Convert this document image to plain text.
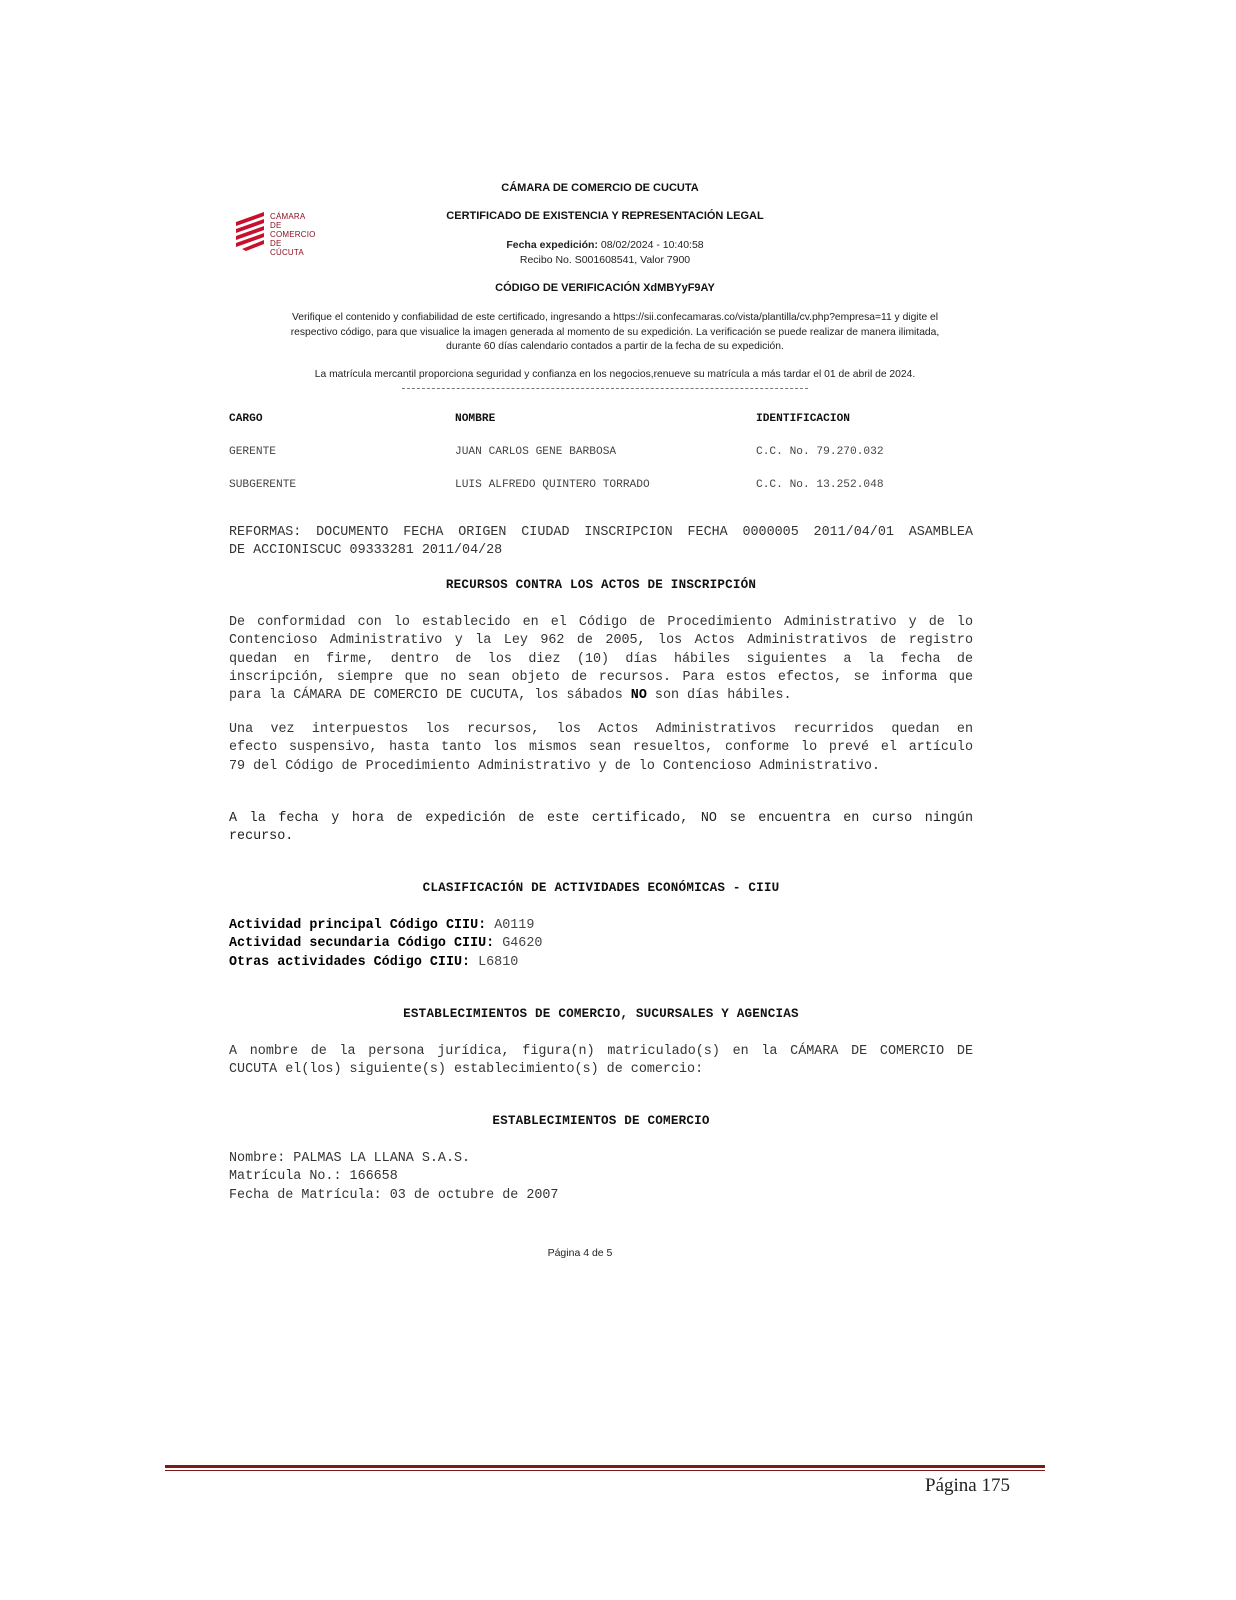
CÁMARA DE
COMERCIO
DE CÚCUTA
CÁMARA DE COMERCIO DE CUCUTA
CERTIFICADO DE EXISTENCIA Y REPRESENTACIÓN LEGAL
Fecha expedición: 08/02/2024 - 10:40:58
Recibo No. S001608541, Valor 7900
CÓDIGO DE VERIFICACIÓN XdMBYyF9AY
Verifique el contenido y confiabilidad de este certificado, ingresando a https://sii.confecamaras.co/vista/plantilla/cv.php?empresa=11 y digite el
respectivo código, para que visualice la imagen generada al momento de su expedición. La verificación se puede realizar de manera ilimitada,
durante 60 días calendario contados a partir de la fecha de su expedición.
La matrícula mercantil proporciona seguridad y confianza en los negocios,renueve su matrícula a más tardar el 01 de abril de 2024.
CARGO	NOMBRE	IDENTIFICACION
GERENTE	JUAN CARLOS GENE BARBOSA	C.C. No. 79.270.032
SUBGERENTE	LUIS ALFREDO QUINTERO TORRADO	C.C. No. 13.252.048
REFORMAS: DOCUMENTO FECHA ORIGEN CIUDAD INSCRIPCION FECHA 0000005 2011/04/01 ASAMBLEA
DE ACCIONISCUC 09333281 2011/04/28
RECURSOS CONTRA LOS ACTOS DE INSCRIPCIÓN
De conformidad con lo establecido en el Código de Procedimiento Administrativo y de lo
Contencioso Administrativo y la Ley 962 de 2005, los Actos Administrativos de registro
quedan en firme, dentro de los diez (10) días hábiles siguientes a la fecha de
inscripción, siempre que no sean objeto de recursos. Para estos efectos, se informa que
para la CÁMARA DE COMERCIO DE CUCUTA, los sábados NO son días hábiles.
Una vez interpuestos los recursos, los Actos Administrativos recurridos quedan en
efecto suspensivo, hasta tanto los mismos sean resueltos, conforme lo prevé el artículo
79 del Código de Procedimiento Administrativo y de lo Contencioso Administrativo.
A la fecha y hora de expedición de este certificado, NO se encuentra en curso ningún
recurso.
CLASIFICACIÓN DE ACTIVIDADES ECONÓMICAS - CIIU
Actividad principal Código CIIU: A0119
Actividad secundaria Código CIIU: G4620
Otras actividades Código CIIU: L6810
ESTABLECIMIENTOS DE COMERCIO, SUCURSALES Y AGENCIAS
A nombre de la persona jurídica, figura(n) matriculado(s) en la CÁMARA DE COMERCIO DE
CUCUTA el(los) siguiente(s) establecimiento(s) de comercio:
ESTABLECIMIENTOS DE COMERCIO
Nombre: PALMAS LA LLANA S.A.S.
Matrícula No.: 166658
Fecha de Matrícula: 03 de octubre de 2007
Página 4 de 5
Página 175
